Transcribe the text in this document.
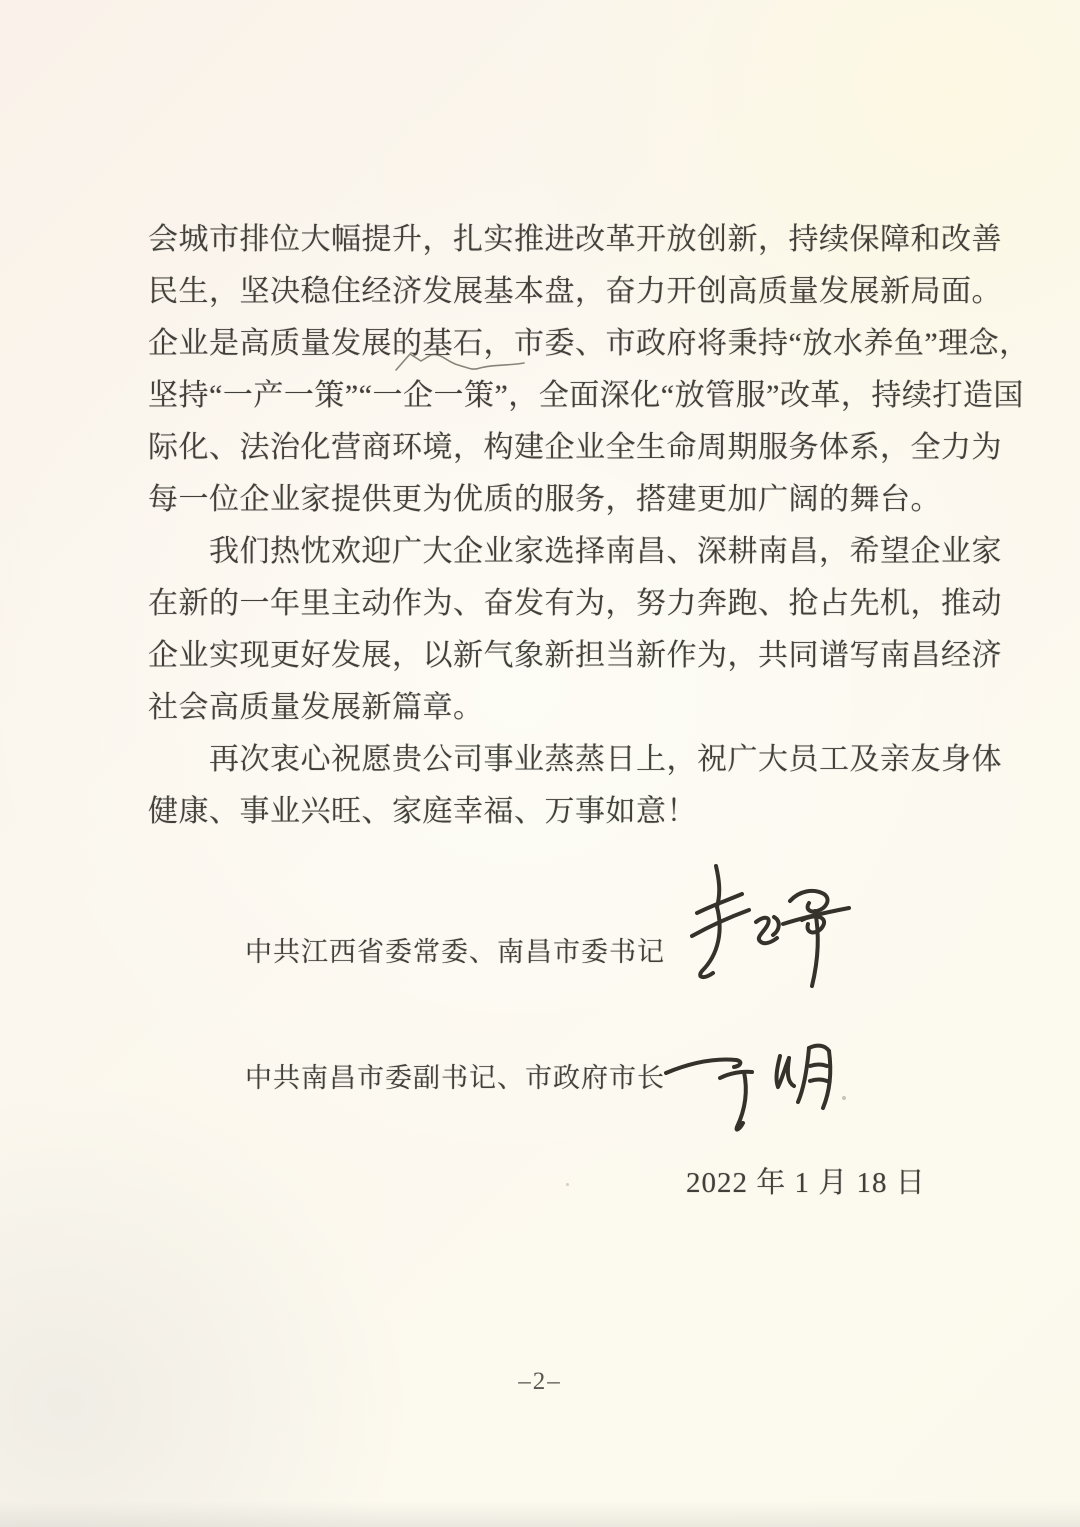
会城市排位大幅提升，扎实推进改革开放创新，持续保障和改善
民生，坚决稳住经济发展基本盘，奋力开创高质量发展新局面。
企业是高质量发展的基石，市委、市政府将秉持“放水养鱼”理念，
坚持“一产一策”“一企一策”，全面深化“放管服”改革，持续打造国
际化、法治化营商环境，构建企业全生命周期服务体系，全力为
每一位企业家提供更为优质的服务，搭建更加广阔的舞台。
我们热忱欢迎广大企业家选择南昌、深耕南昌，希望企业家
在新的一年里主动作为、奋发有为，努力奔跑、抢占先机，推动
企业实现更好发展，以新气象新担当新作为，共同谱写南昌经济
社会高质量发展新篇章。
再次衷心祝愿贵公司事业蒸蒸日上，祝广大员工及亲友身体
健康、事业兴旺、家庭幸福、万事如意！
中共江西省委常委、南昌市委书记
中共南昌市委副书记、市政府市长
2022 年 1 月 18 日
–2–
